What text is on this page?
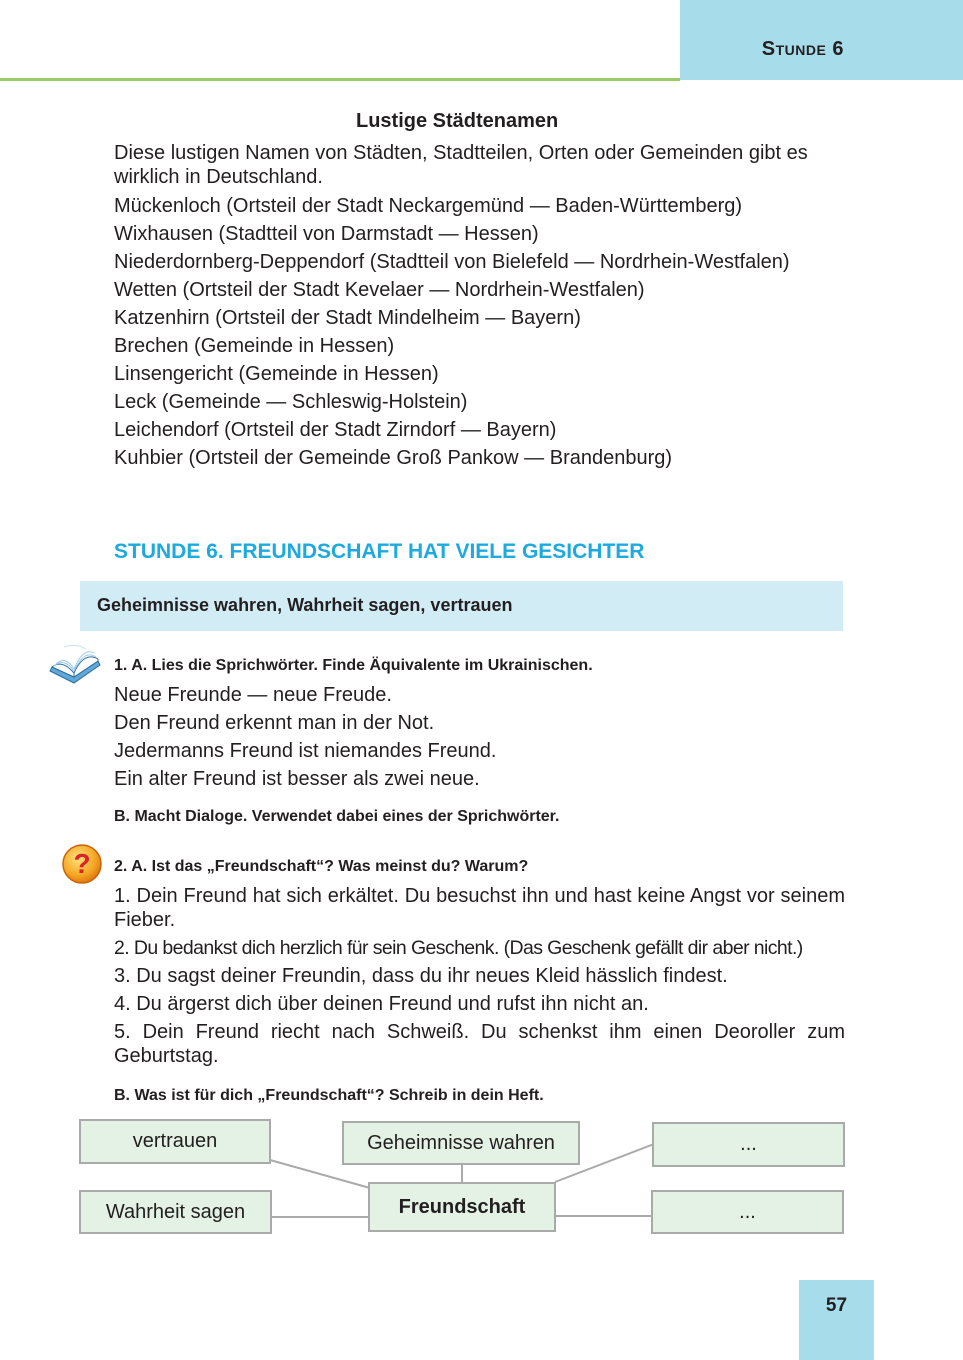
Stunde 6
Lustige Städtenamen
Diese lustigen Namen von Städten, Stadtteilen, Orten oder Gemeinden gibt es wirklich in Deutschland.
Mückenloch (Ortsteil der Stadt Neckargemünd — Baden-Württemberg)
Wixhausen (Stadtteil von Darmstadt — Hessen)
Niederdornberg-Deppendorf (Stadtteil von Bielefeld — Nordrhein-Westfalen)
Wetten (Ortsteil der Stadt Kevelaer — Nordrhein-Westfalen)
Katzenhirn (Ortsteil der Stadt Mindelheim — Bayern)
Brechen (Gemeinde in Hessen)
Linsengericht (Gemeinde in Hessen)
Leck (Gemeinde — Schleswig-Holstein)
Leichendorf (Ortsteil der Stadt Zirndorf — Bayern)
Kuhbier (Ortsteil der Gemeinde Groß Pankow — Brandenburg)
STUNDE 6. FREUNDSCHAFT HAT VIELE GESICHTER
Geheimnisse wahren, Wahrheit sagen, vertrauen
1. A. Lies die Sprichwörter. Finde Äquivalente im Ukrainischen.
Neue Freunde — neue Freude.
Den Freund erkennt man in der Not.
Jedermanns Freund ist niemandes Freund.
Ein alter Freund ist besser als zwei neue.
B. Macht Dialoge. Verwendet dabei eines der Sprichwörter.
? 2. A. Ist das „Freundschaft“? Was meinst du? Warum?
1. Dein Freund hat sich erkältet. Du besuchst ihn und hast keine Angst vor seinem Fieber.
2. Du bedankst dich herzlich für sein Geschenk. (Das Geschenk gefällt dir aber nicht.)
3. Du sagst deiner Freundin, dass du ihr neues Kleid hässlich findest.
4. Du ärgerst dich über deinen Freund und rufst ihn nicht an.
5. Dein Freund riecht nach Schweiß. Du schenkst ihm einen Deoroller zum Geburtstag.
B. Was ist für dich „Freundschaft“? Schreib in dein Heft.
vertrauen	Geheimnisse wahren	...
Wahrheit sagen	Freundschaft	...
57
